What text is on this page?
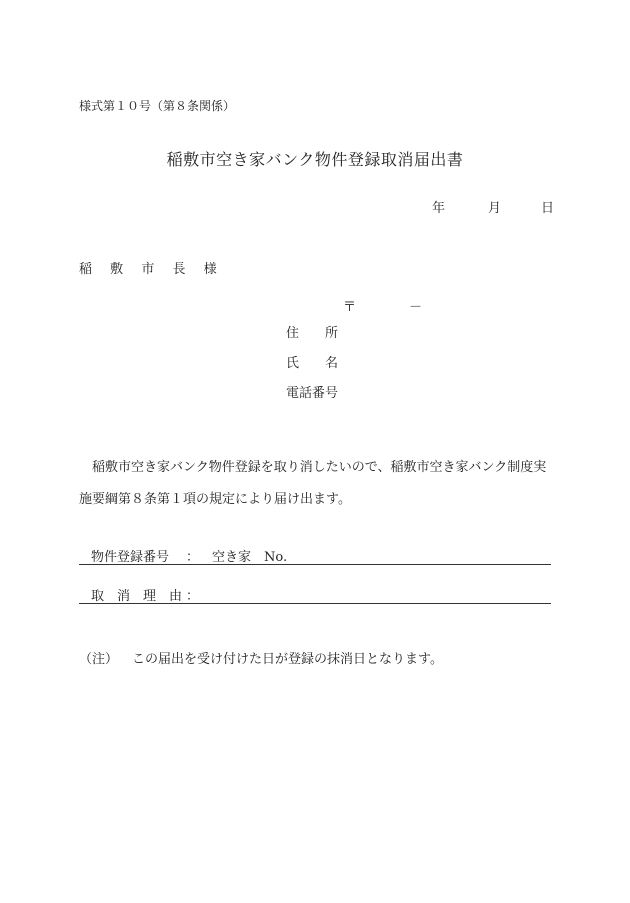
様式第１０号（第８条関係）
稲敷市空き家バンク物件登録取消届出書
年	月	日
稲 敷 市 長 様
〒	－
住　　所
氏　　名
電話番号
　稲敷市空き家バンク物件登録を取り消したいので、稲敷市空き家バンク制度実施要綱第８条第１項の規定により届け出ます。
物件登録番号 ： 空き家　No.
取　消　理　由 ：
（注） この届出を受け付けた日が登録の抹消日となります。
